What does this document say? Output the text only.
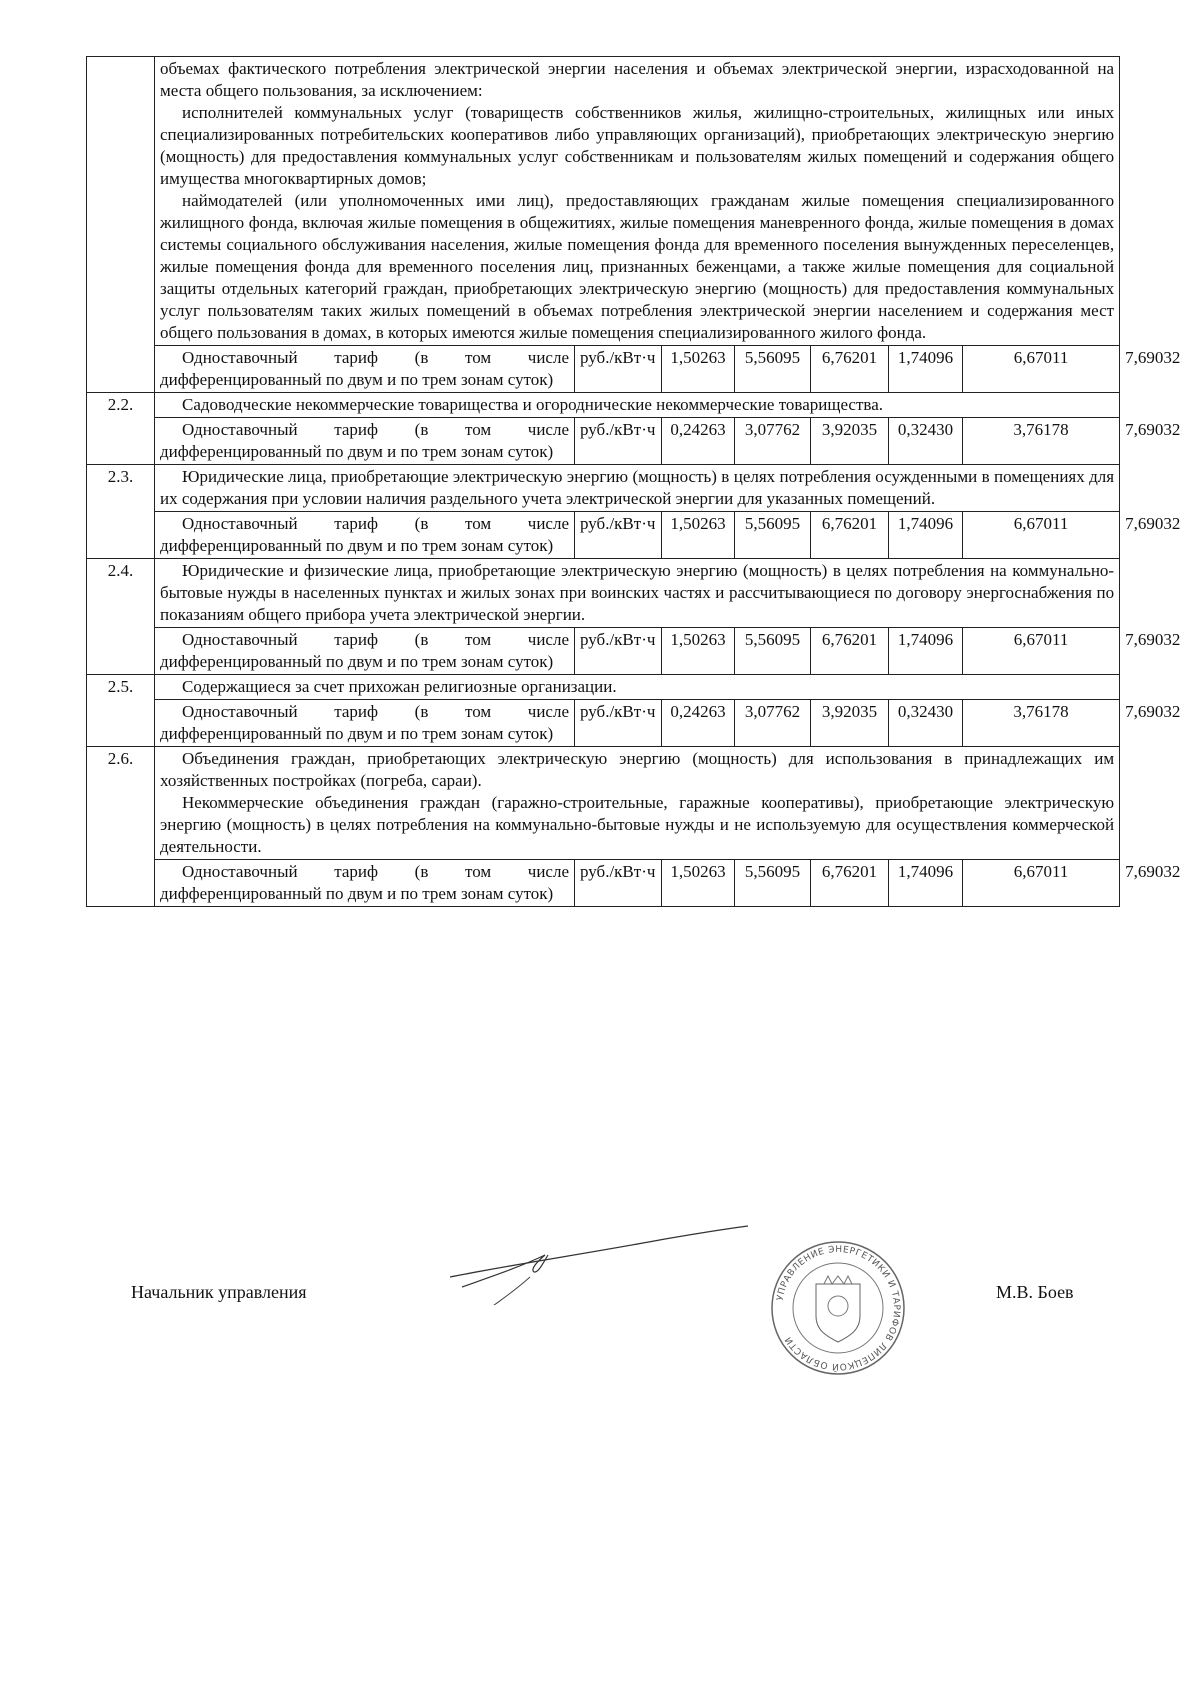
	объемах фактического потребления электрической энергии населения и объемах электрической энергии, израсходованной на места общего пользования, за исключением:

исполнителей коммунальных услуг (товариществ собственников жилья, жилищно-строительных, жилищных или иных специализированных потребительских кооперативов либо управляющих организаций), приобретающих электрическую энергию (мощность) для предоставления коммунальных услуг собственникам и пользователям жилых помещений и содержания общего имущества многоквартирных домов;

наймодателей (или уполномоченных ими лиц), предоставляющих гражданам жилые помещения специализированного жилищного фонда, включая жилые помещения в общежитиях, жилые помещения маневренного фонда, жилые помещения в домах системы социального обслуживания населения, жилые помещения фонда для временного поселения вынужденных переселенцев, жилые помещения фонда для временного поселения лиц, признанных беженцами, а также жилые помещения для социальной защиты отдельных категорий граждан, приобретающих электрическую энергию (мощность) для предоставления коммунальных услуг пользователям таких жилых помещений в объемах потребления электрической энергии населением и содержания мест общего пользования в домах, в которых имеются жилые помещения специализированного жилого фонда.							

	Одноставочный тариф (в том числе дифференцированный по двум и по трем зонам суток)	руб./кВт·ч	1,50263	5,56095	6,76201	1,74096	6,67011	7,69032
2.2.	Садоводческие некоммерческие товарищества и огороднические некоммерческие товарищества.							

	Одноставочный тариф (в том числе дифференцированный по двум и по трем зонам суток)	руб./кВт·ч	0,24263	3,07762	3,92035	0,32430	3,76178	7,69032
2.3.	Юридические лица, приобретающие электрическую энергию (мощность) в целях потребления осужденными в помещениях для их содержания при условии наличия раздельного учета электрической энергии для указанных помещений.							

	Одноставочный тариф (в том числе дифференцированный по двум и по трем зонам суток)	руб./кВт·ч	1,50263	5,56095	6,76201	1,74096	6,67011	7,69032
2.4.	Юридические и физические лица, приобретающие электрическую энергию (мощность) в целях потребления на коммунально-бытовые нужды в населенных пунктах и жилых зонах при воинских частях и рассчитывающиеся по договору энергоснабжения по показаниям общего прибора учета электрической энергии.							

	Одноставочный тариф (в том числе дифференцированный по двум и по трем зонам суток)	руб./кВт·ч	1,50263	5,56095	6,76201	1,74096	6,67011	7,69032
2.5.	Содержащиеся за счет прихожан религиозные организации.							

	Одноставочный тариф (в том числе дифференцированный по двум и по трем зонам суток)	руб./кВт·ч	0,24263	3,07762	3,92035	0,32430	3,76178	7,69032
2.6.	Объединения граждан, приобретающих электрическую энергию (мощность) для использования в принадлежащих им хозяйственных постройках (погреба, сараи).

Некоммерческие объединения граждан (гаражно-строительные, гаражные кооперативы), приобретающие электрическую энергию (мощность) в целях потребления на коммунально-бытовые нужды и не используемую для осуществления коммерческой деятельности.							

	Одноставочный тариф (в том числе дифференцированный по двум и по трем зонам суток)	руб./кВт·ч	1,50263	5,56095	6,76201	1,74096	6,67011	7,69032
Начальник управления	УПРАВЛЕНИЕ ЭНЕРГЕТИКИ И ТАРИФОВ ЛИПЕЦКОЙ ОБЛАСТИ
М.В. Боев
